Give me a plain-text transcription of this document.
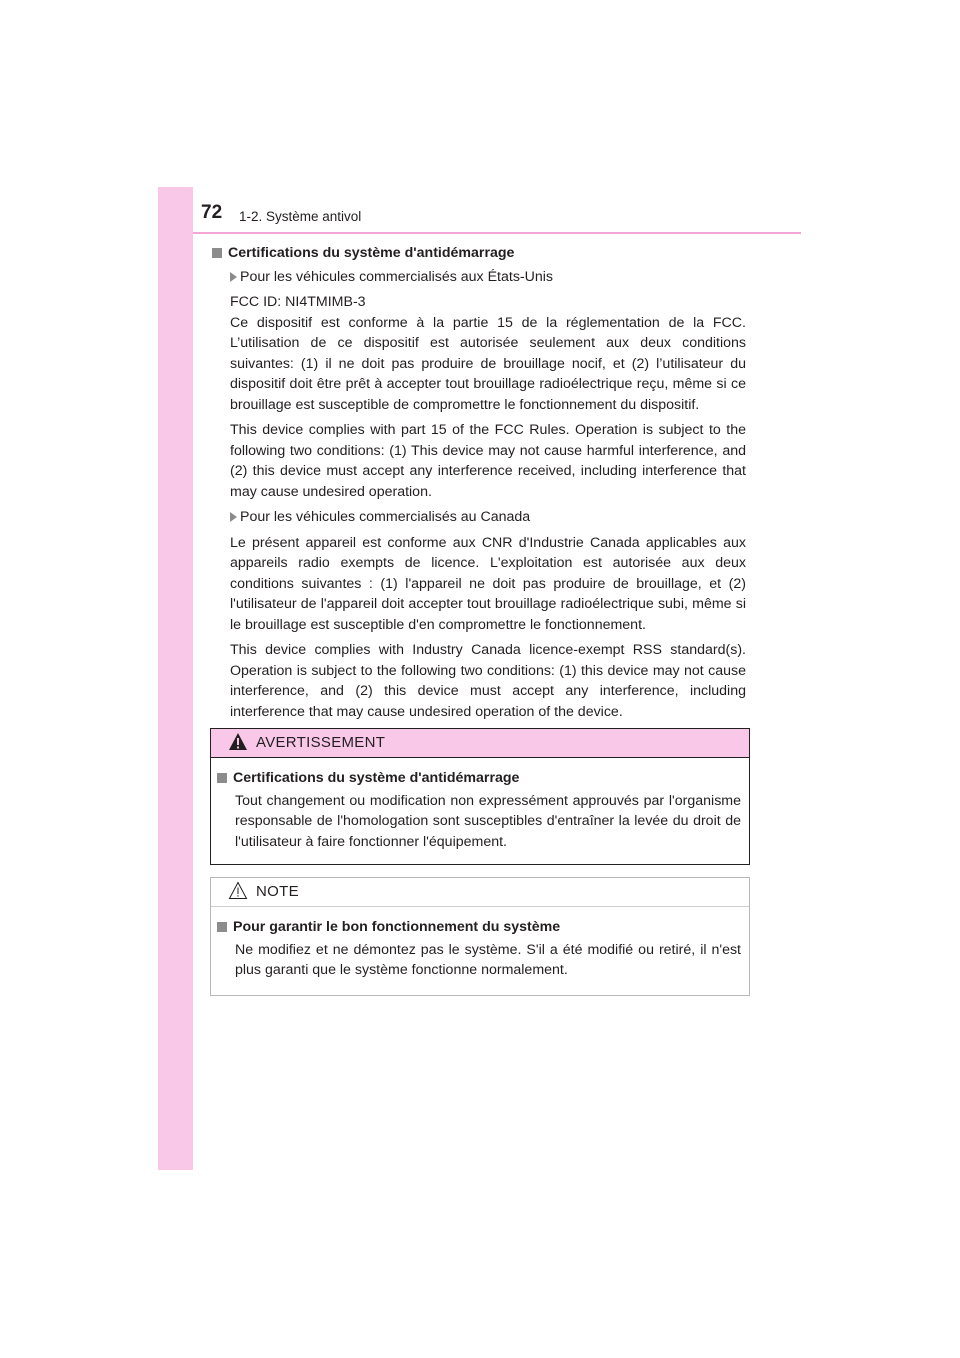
72 1-2. Système antivol
Certifications du système d'antidémarrage
Pour les véhicules commercialisés aux États-Unis
FCC ID: NI4TMIMB-3
Ce dispositif est conforme à la partie 15 de la réglementation de la FCC. L’utilisation de ce dispositif est autorisée seulement aux deux conditions suivantes: (1) il ne doit pas produire de brouillage nocif, et (2) l’utilisateur du dispositif doit être prêt à accepter tout brouillage radioélectrique reçu, même si ce brouillage est susceptible de compromettre le fonctionnement du dispositif.
This device complies with part 15 of the FCC Rules. Operation is subject to the following two conditions: (1) This device may not cause harmful interference, and (2) this device must accept any interference received, including interference that may cause undesired operation.
Pour les véhicules commercialisés au Canada
Le présent appareil est conforme aux CNR d'Industrie Canada applicables aux appareils radio exempts de licence. L'exploitation est autorisée aux deux conditions suivantes : (1) l'appareil ne doit pas produire de brouillage, et (2) l'utilisateur de l'appareil doit accepter tout brouillage radioélectrique subi, même si le brouillage est susceptible d'en compromettre le fonctionnement.
This device complies with Industry Canada licence-exempt RSS standard(s). Operation is subject to the following two conditions: (1) this device may not cause interference, and (2) this device must accept any interference, including interference that may cause undesired operation of the device.
AVERTISSEMENT
Certifications du système d'antidémarrage
Tout changement ou modification non expressément approuvés par l'organisme responsable de l'homologation sont susceptibles d'entraîner la levée du droit de l'utilisateur à faire fonctionner l'équipement.
NOTE
Pour garantir le bon fonctionnement du système
Ne modifiez et ne démontez pas le système. S'il a été modifié ou retiré, il n'est plus garanti que le système fonctionne normalement.
